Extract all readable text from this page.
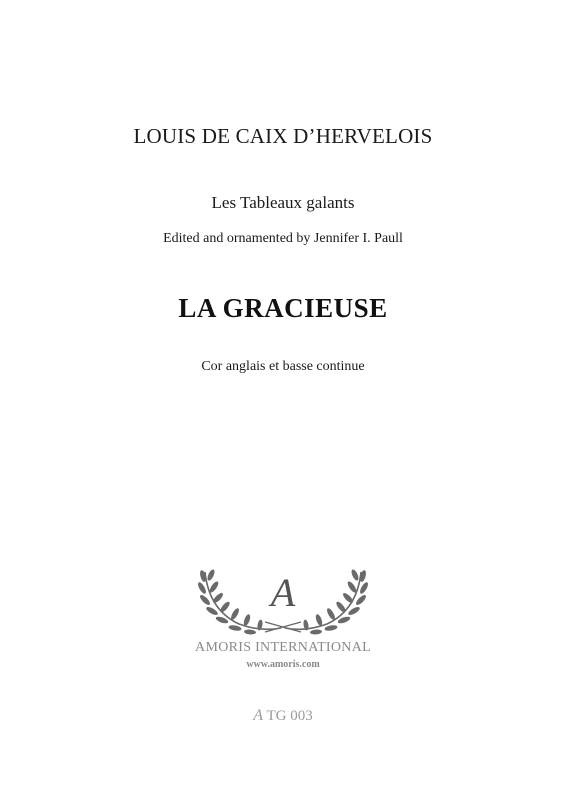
LOUIS DE CAIX D’HERVELOIS
Les Tableaux galants
Edited and ornamented by Jennifer I. Paull
LA GRACIEUSE
Cor anglais et basse continue
A
AMORIS INTERNATIONAL
www.amoris.com
A TG 003
